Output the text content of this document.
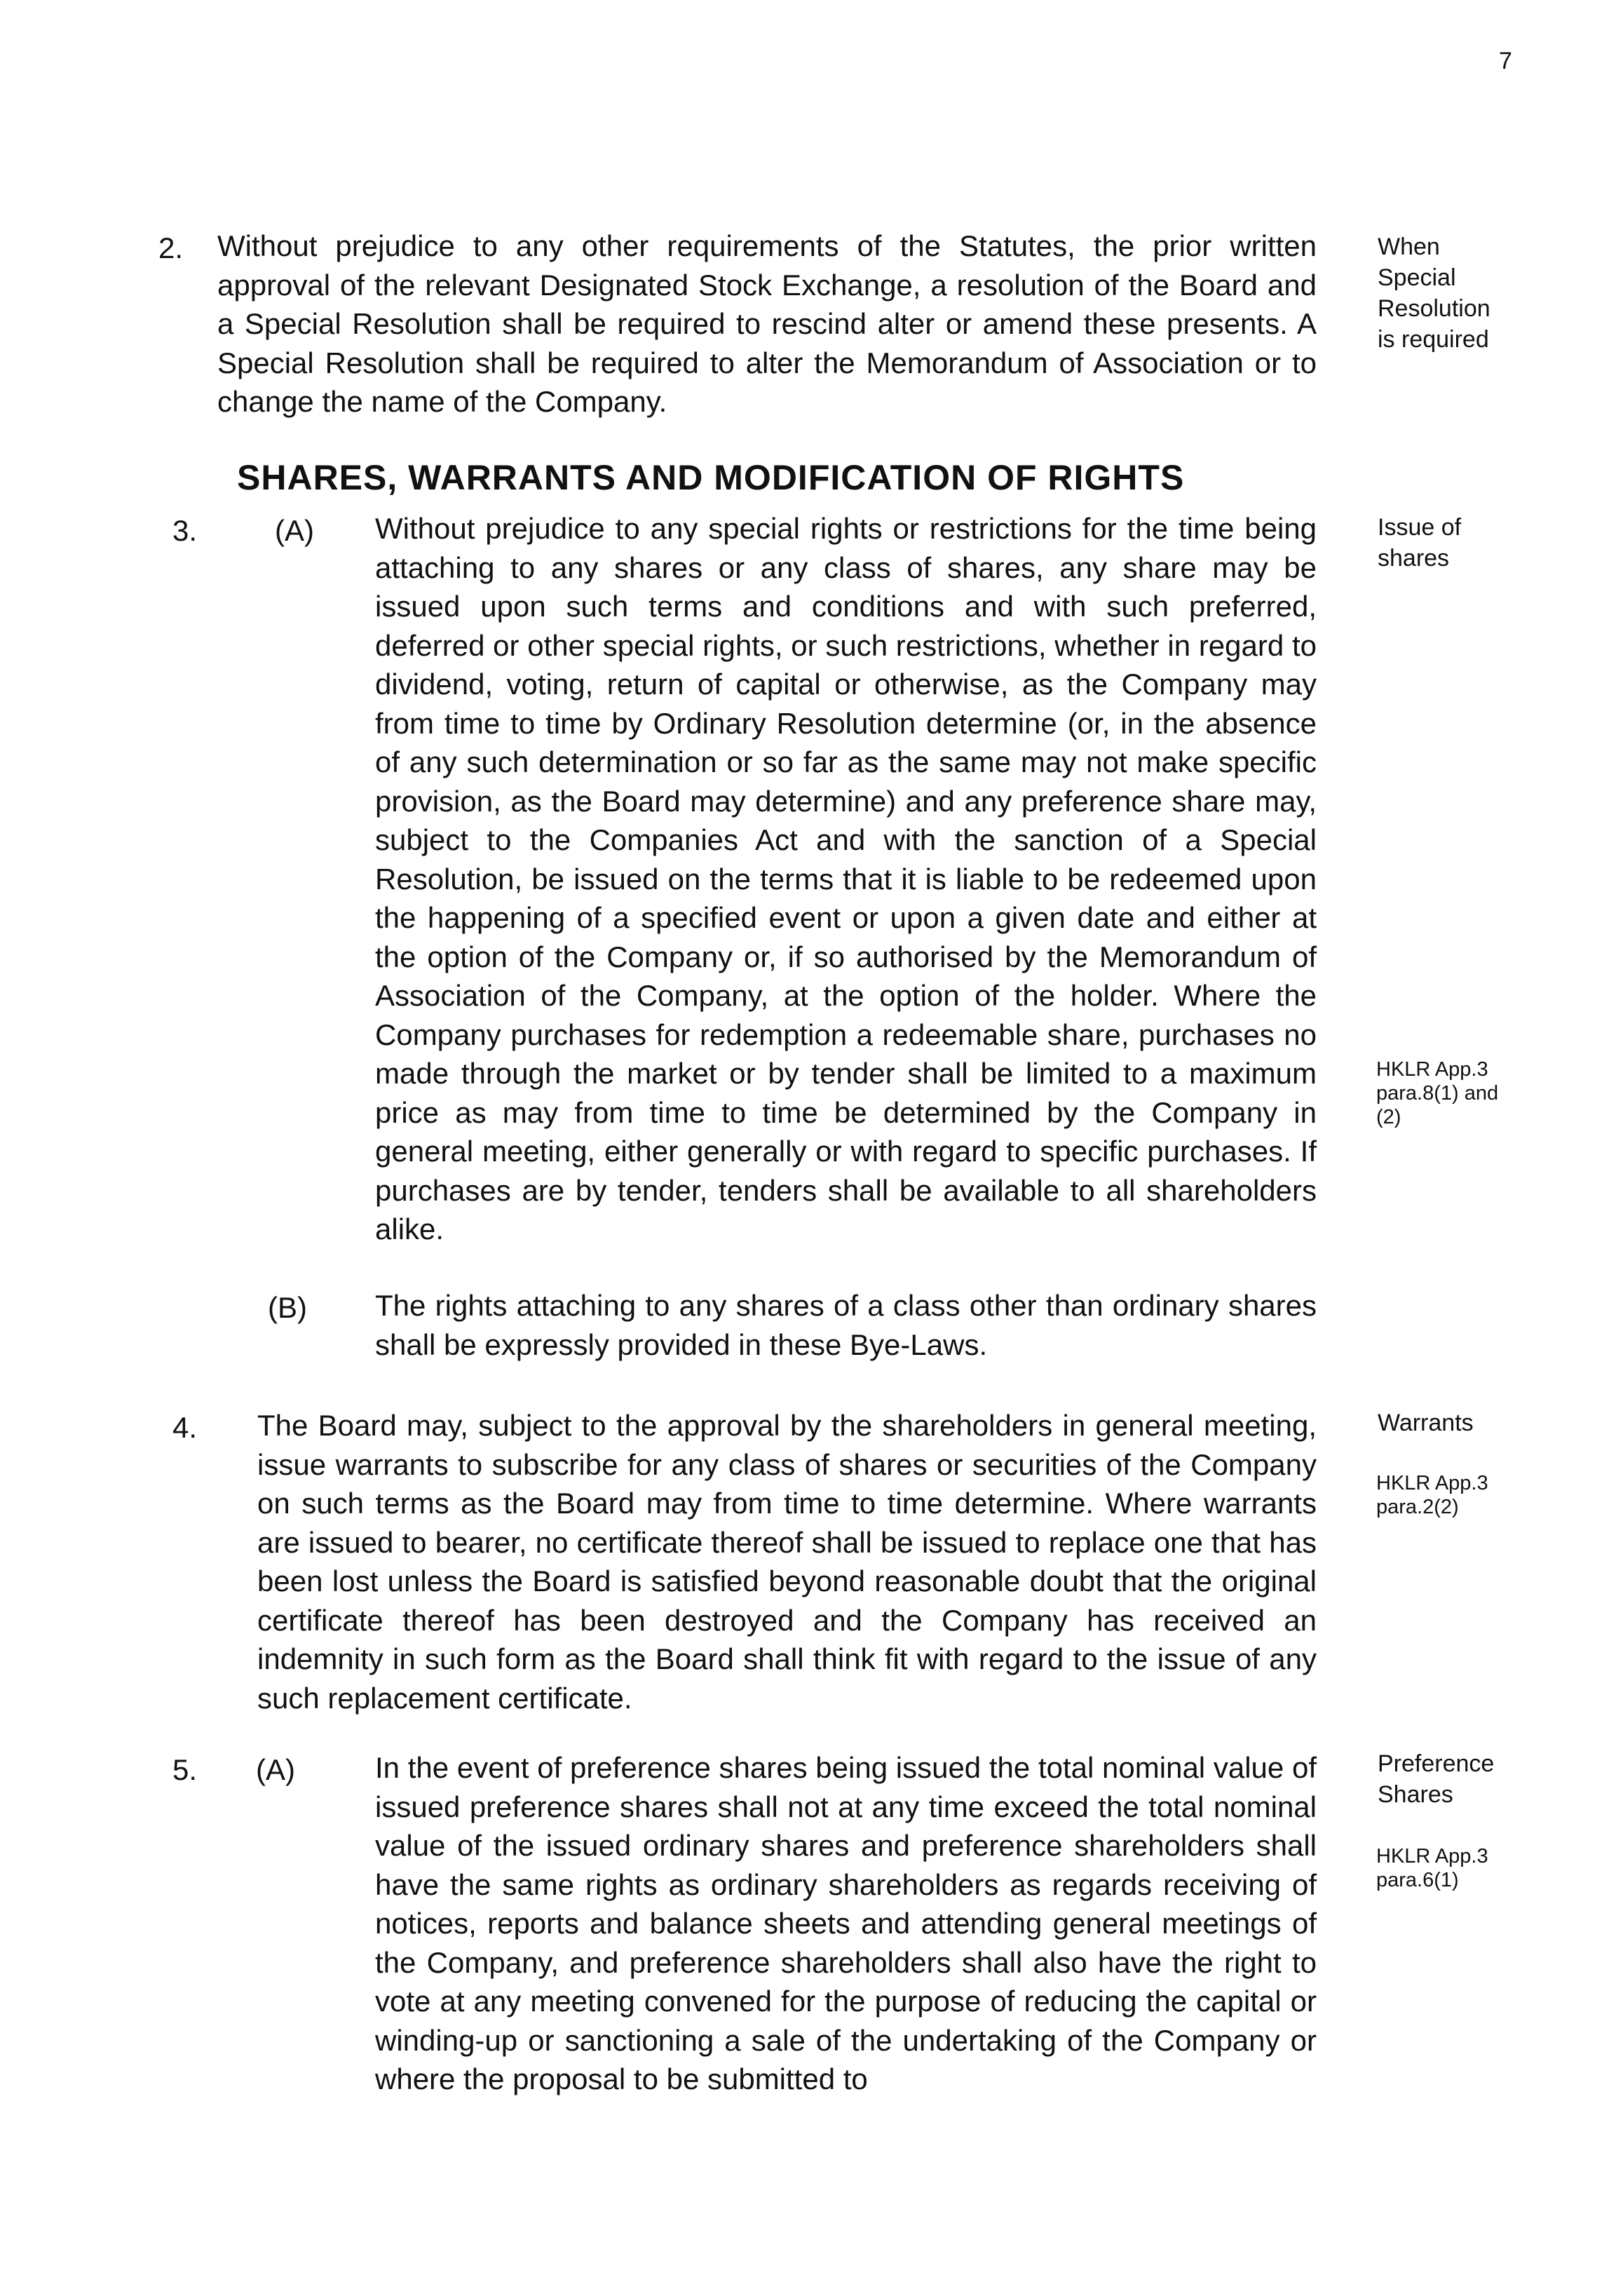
7
2. Without prejudice to any other requirements of the Statutes, the prior written approval of the relevant Designated Stock Exchange, a resolution of the Board and a Special Resolution shall be required to rescind alter or amend these presents. A Special Resolution shall be required to alter the Memorandum of Association or to change the name of the Company.
When Special Resolution is required
SHARES, WARRANTS AND MODIFICATION OF RIGHTS
3.	(A) Without prejudice to any special rights or restrictions for the time being attaching to any shares or any class of shares, any share may be issued upon such terms and conditions and with such preferred, deferred or other special rights, or such restrictions, whether in regard to dividend, voting, return of capital or otherwise, as the Company may from time to time by Ordinary Resolution determine (or, in the absence of any such determination or so far as the same may not make specific provision, as the Board may determine) and any preference share may, subject to the Companies Act and with the sanction of a Special Resolution, be issued on the terms that it is liable to be redeemed upon the happening of a specified event or upon a given date and either at the option of the Company or, if so authorised by the Memorandum of Association of the Company, at the option of the holder. Where the Company purchases for redemption a redeemable share, purchases no made through the market or by tender shall be limited to a maximum price as may from time to time be determined by the Company in general meeting, either generally or with regard to specific purchases. If purchases are by tender, tenders shall be available to all shareholders alike.
Issue of shares
HKLR App.3 para.8(1) and (2)
(B) The rights attaching to any shares of a class other than ordinary shares shall be expressly provided in these Bye-Laws.
4. The Board may, subject to the approval by the shareholders in general meeting, issue warrants to subscribe for any class of shares or securities of the Company on such terms as the Board may from time to time determine. Where warrants are issued to bearer, no certificate thereof shall be issued to replace one that has been lost unless the Board is satisfied beyond reasonable doubt that the original certificate thereof has been destroyed and the Company has received an indemnity in such form as the Board shall think fit with regard to the issue of any such replacement certificate.
Warrants
HKLR App.3 para.2(2)
5. (A)	In the event of preference shares being issued the total nominal value of issued preference shares shall not at any time exceed the total nominal value of the issued ordinary shares and preference shareholders shall have the same rights as ordinary shareholders as regards receiving of notices, reports and balance sheets and attending general meetings of the Company, and preference shareholders shall also have the right to vote at any meeting convened for the purpose of reducing the capital or winding-up or sanctioning a sale of the undertaking of the Company or where the proposal to be submitted to
Preference Shares
HKLR App.3 para.6(1)
